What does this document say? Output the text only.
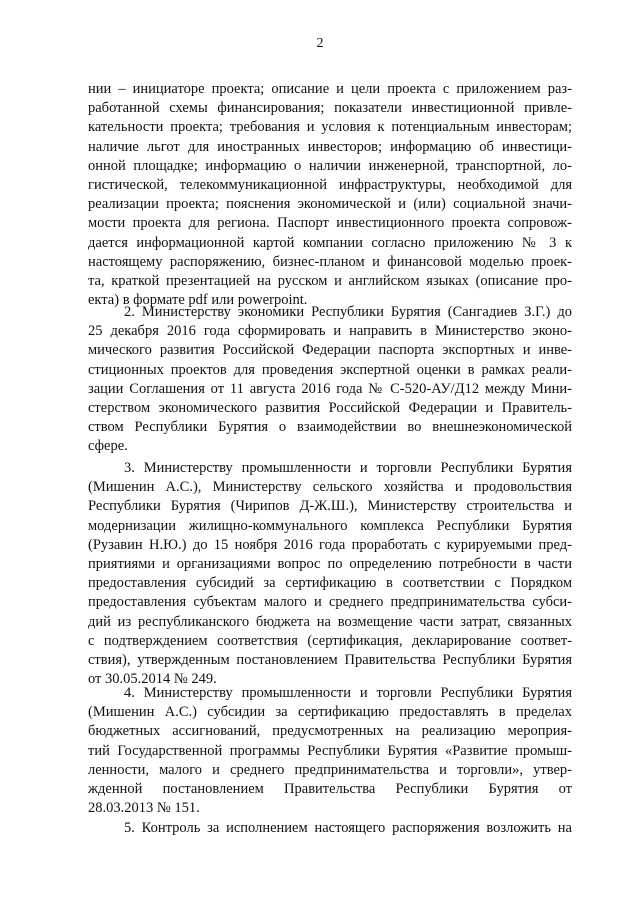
2
нии – инициаторе проекта; описание и цели проекта с приложением раз-
работанной схемы финансирования; показатели инвестиционной привле-
кательности проекта; требования и условия к потенциальным инвесторам;
наличие льгот для иностранных инвесторов; информацию об инвестици-
онной площадке; информацию о наличии инженерной, транспортной, ло-
гистической, телекоммуникационной инфраструктуры, необходимой для
реализации проекта; пояснения экономической и (или) социальной значи-
мости проекта для региона. Паспорт инвестиционного проекта сопровож-
дается информационной картой компании согласно приложению № 3 к
настоящему распоряжению, бизнес-планом и финансовой моделью проек-
та, краткой презентацией на русском и английском языках (описание про-
екта) в формате pdf или powerpoint.
2. Министерству экономики Республики Бурятия (Сангадиев З.Г.) до
25 декабря 2016 года сформировать и направить в Министерство эконо-
мического развития Российской Федерации паспорта экспортных и инве-
стиционных проектов для проведения экспертной оценки в рамках реали-
зации Соглашения от 11 августа 2016 года № С-520-АУ/Д12 между Мини-
стерством экономического развития Российской Федерации и Правитель-
ством Республики Бурятия о взаимодействии во внешнеэкономической
сфере.
3. Министерству промышленности и торговли Республики Бурятия
(Мишенин А.С.), Министерству сельского хозяйства и продовольствия
Республики Бурятия (Чирипов Д-Ж.Ш.), Министерству строительства и
модернизации жилищно-коммунального комплекса Республики Бурятия
(Рузавин Н.Ю.) до 15 ноября 2016 года проработать с курируемыми пред-
приятиями и организациями вопрос по определению потребности в части
предоставления субсидий за сертификацию в соответствии с Порядком
предоставления субъектам малого и среднего предпринимательства субси-
дий из республиканского бюджета на возмещение части затрат, связанных
с подтверждением соответствия (сертификация, декларирование соответ-
ствия), утвержденным постановлением Правительства Республики Бурятия
от 30.05.2014 № 249.
4. Министерству промышленности и торговли Республики Бурятия
(Мишенин А.С.) субсидии за сертификацию предоставлять в пределах
бюджетных ассигнований, предусмотренных на реализацию мероприя-
тий Государственной программы Республики Бурятия «Развитие промыш-
ленности, малого и среднего предпринимательства и торговли», утвер-
жденной постановлением Правительства Республики Бурятия от
28.03.2013 № 151.
5. Контроль за исполнением настоящего распоряжения возложить на
